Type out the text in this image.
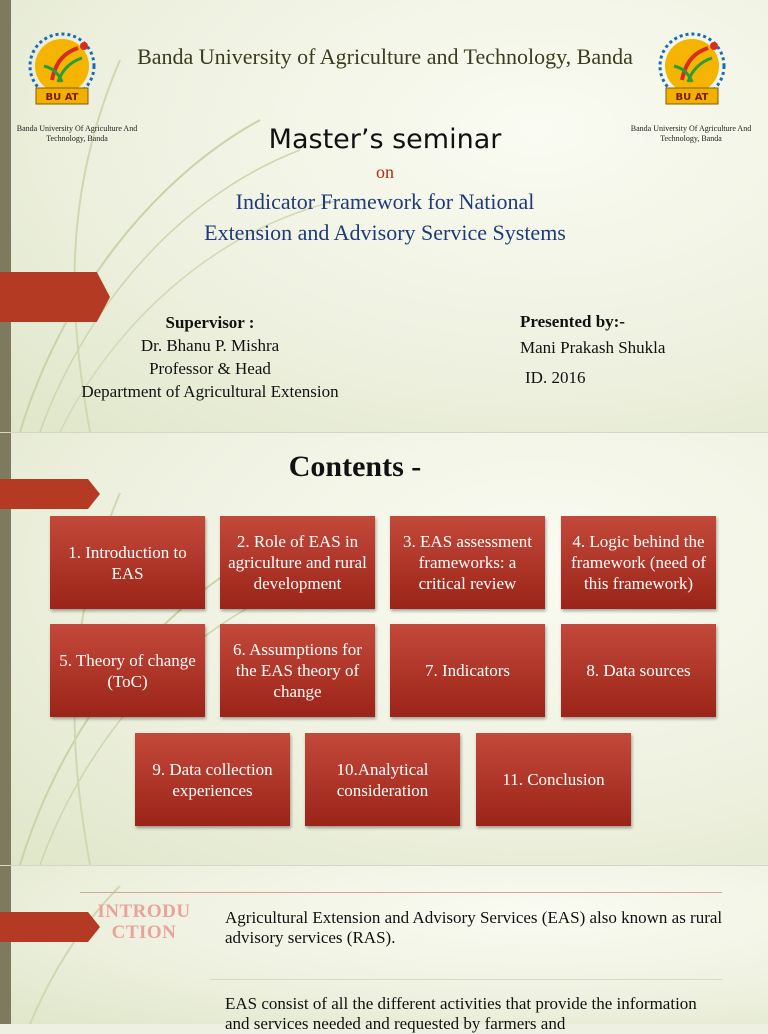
BU AT
Banda University Of Agriculture And Technology, Banda
BU AT
Banda University Of Agriculture And Technology, Banda
Banda University of Agriculture and Technology, Banda
Master’s seminar
on
Indicator Framework for National
Extension and Advisory Service Systems
Supervisor :
Dr. Bhanu P. Mishra
Professor & Head
Department of Agricultural Extension
Presented by:-
Mani Prakash Shukla
ID. 2016
Contents -
1. Introduction to EAS
2. Role of EAS in agriculture and rural development
3. EAS assessment frameworks: a critical review
4. Logic behind the framework (need of this framework)
5. Theory of change (ToC)
6. Assumptions for the EAS theory of change
7. Indicators	8. Data sources
9. Data collection experiences
10.Analytical consideration
11. Conclusion
INTRODUCTION
Agricultural Extension and Advisory Services (EAS) also known as rural advisory services (RAS).
EAS consist of all the different activities that provide the information and services needed and requested by farmers and
